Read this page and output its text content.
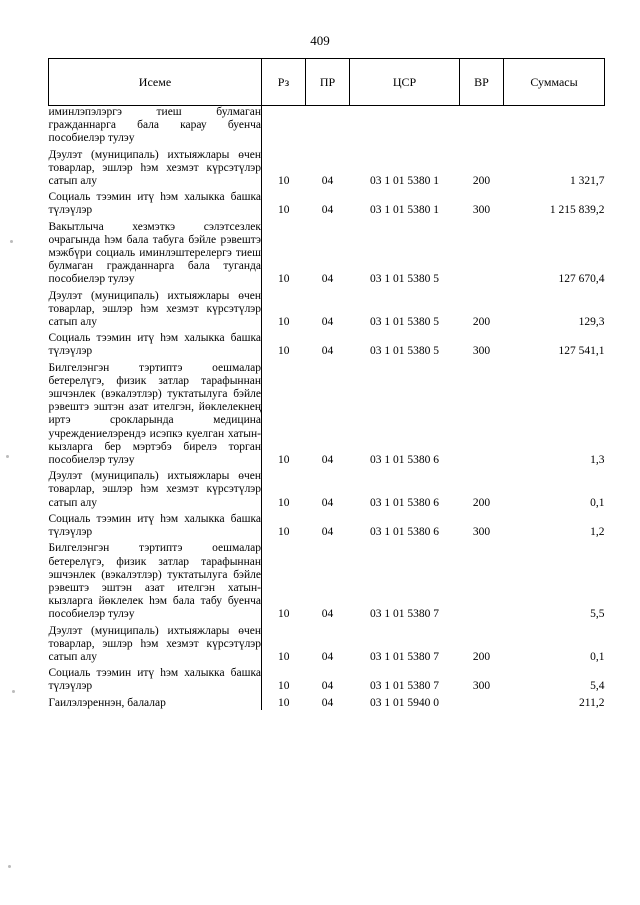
409
Исеме	Рз	ПР	ЦСР	ВР	Суммасы
иминлэпэлэргэ тиеш булмаган гражданнарга бала карау буенча пособиелэр тулэу					

Дэулэт (муниципаль) ихтыяжлары өчен товарлар, эшлэр һэм хезмэт күрсэтүлэр сатып алу	10	04	03 1 01 5380 1	200	1 321,7

Социаль тээмин итү һэм халыкка башка түлэүлэр	10	04	03 1 01 5380 1	300	1 215 839,2

Вакытлыча хезмэткэ сэлэтсезлек очрагында һэм бала табуга бэйле рэвештэ мэжбүри социаль иминлэштерелергэ тиеш булмаган гражданнарга бала туганда пособиелэр тулэу	10	04	03 1 01 5380 5		127 670,4

Дэулэт (муниципаль) ихтыяжлары өчен товарлар, эшлэр һэм хезмэт күрсэтүлэр сатып алу	10	04	03 1 01 5380 5	200	129,3

Социаль тээмин итү һэм халыкка башка түлэүлэр	10	04	03 1 01 5380 5	300	127 541,1

Билгелэнгэн тэртиптэ оешмалар бетерелүгэ, физик затлар тарафыннан эшчэнлек (вэкалэтлэр) туктатылуга бэйле рэвештэ эштэн азат ителгэн, йөклелекнең иртэ срокларында медицина учреждениелэрендэ исэпкэ куелган хатын-кызларга бер мэртэбэ бирелэ торган пособиелэр тулэу	10	04	03 1 01 5380 6		1,3

Дэулэт (муниципаль) ихтыяжлары өчен товарлар, эшлэр һэм хезмэт күрсэтүлэр сатып алу	10	04	03 1 01 5380 6	200	0,1

Социаль тээмин итү һэм халыкка башка түлэүлэр	10	04	03 1 01 5380 6	300	1,2

Билгелэнгэн тэртиптэ оешмалар бетерелүгэ, физик затлар тарафыннан эшчэнлек (вэкалэтлэр) туктатылуга бэйле рэвештэ эштэн азат ителгэн хатын-кызларга йөклелек һэм бала табу буенча пособиелэр тулэу	10	04	03 1 01 5380 7		5,5

Дэулэт (муниципаль) ихтыяжлары өчен товарлар, эшлэр һэм хезмэт күрсэтүлэр сатып алу	10	04	03 1 01 5380 7	200	0,1

Социаль тээмин итү һэм халыкка башка түлэүлэр	10	04	03 1 01 5380 7	300	5,4

Гаилэлэреннэн, балалар	10	04	03 1 01 5940 0		211,2
